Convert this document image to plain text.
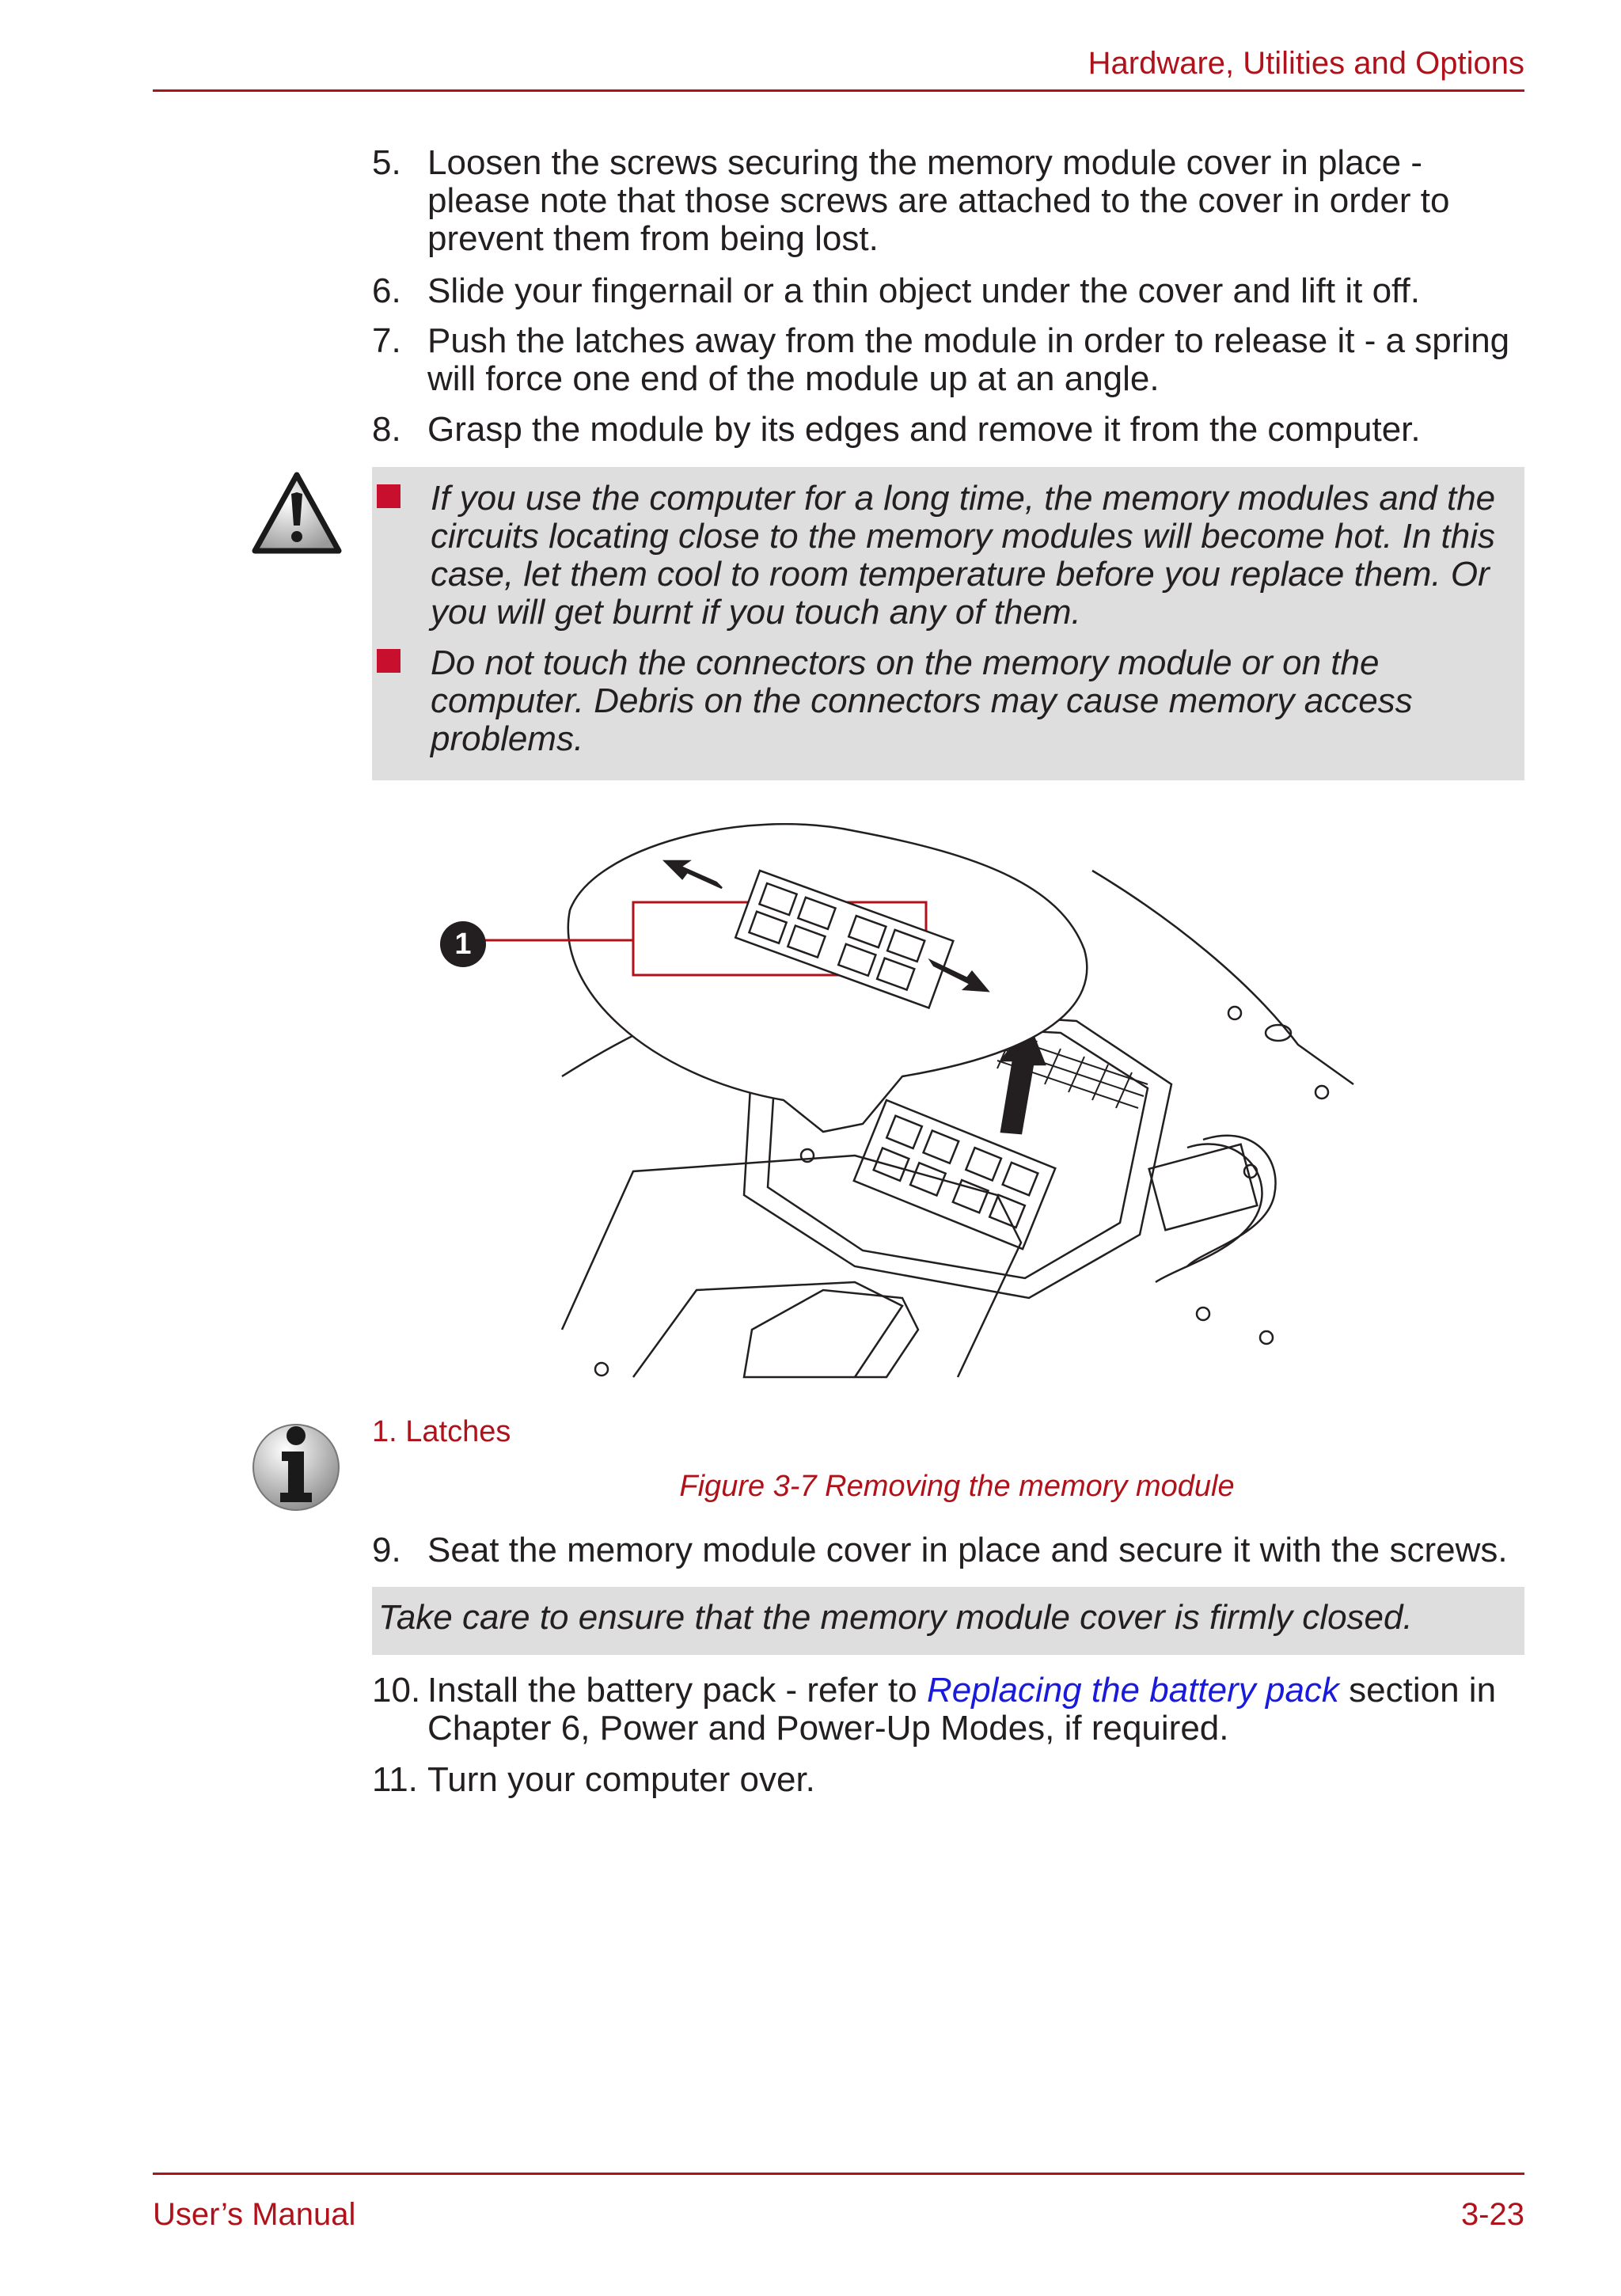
Hardware, Utilities and Options
5. Loosen the screws securing the memory module cover in place - please note that those screws are attached to the cover in order to prevent them from being lost.
6. Slide your fingernail or a thin object under the cover and lift it off.
7. Push the latches away from the module in order to release it - a spring will force one end of the module up at an angle.
8. Grasp the module by its edges and remove it from the computer.
If you use the computer for a long time, the memory modules and the circuits locating close to the memory modules will become hot. In this case, let them cool to room temperature before you replace them. Or you will get burnt if you touch any of them.
Do not touch the connectors on the memory module or on the computer. Debris on the connectors may cause memory access problems.
1
1. Latches
Figure 3-7 Removing the memory module
9. Seat the memory module cover in place and secure it with the screws.
Take care to ensure that the memory module cover is firmly closed.
10. Install the battery pack - refer to Replacing the battery pack section in Chapter 6, Power and Power-Up Modes, if required.
11. Turn your computer over.
User’s Manual	3-23
